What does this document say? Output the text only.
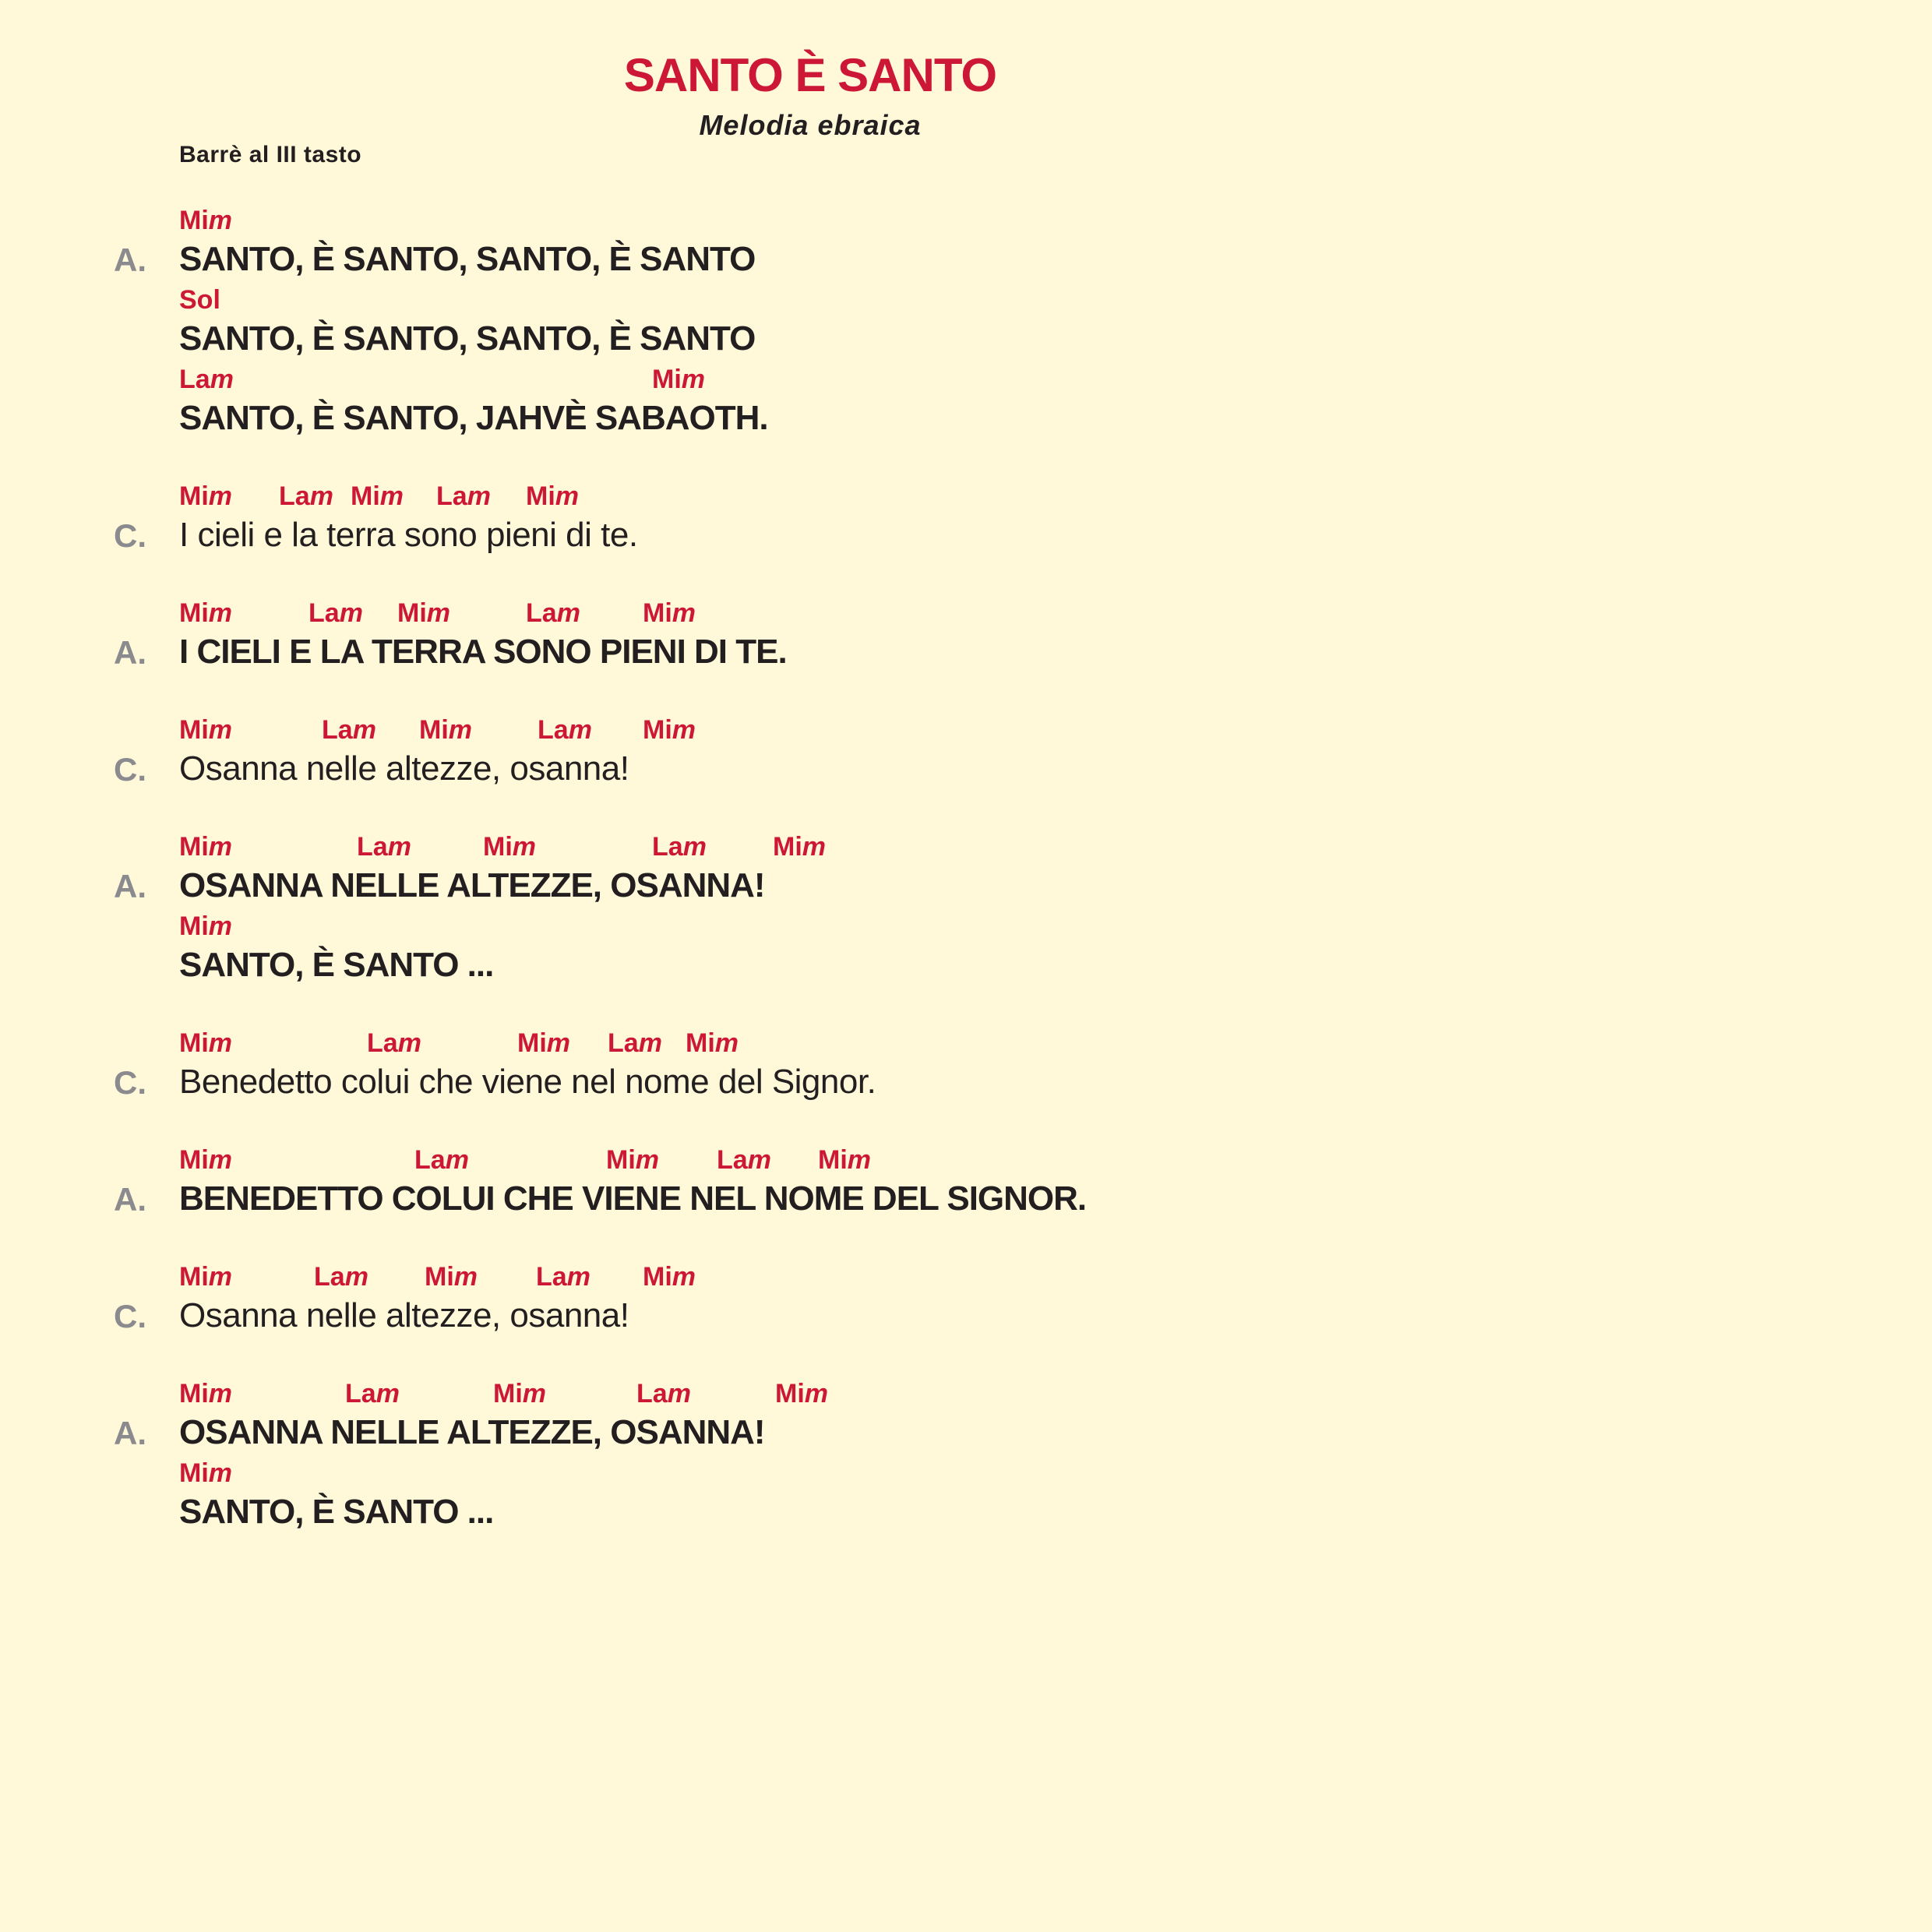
SANTO È SANTO
Melodia ebraica
Barrè al III tasto
Mim
A. SANTO, È SANTO, SANTO, È SANTO
Sol
SANTO, È SANTO, SANTO, È SANTO
Lam	Mim
SANTO, È SANTO, JAHVÈ SABAOTH.
Mim Lam Mim Lam Mim
C. I cieli e la terra sono pieni di te.
Mim	Lam Mim	Lam Mim
A. I CIELI E LA TERRA SONO PIENI DI TE.
Mim	Lam Mim Lam Mim
C. Osanna nelle altezze, osanna!
Mim	Lam	Mim	Lam	Mim
A. OSANNA NELLE ALTEZZE, OSANNA!
Mim
SANTO, È SANTO ...
Mim	Lam	Mim Lam Mim
C. Benedetto colui che viene nel nome del Signor.
Mim	Lam	Mim Lam Mim
A. BENEDETTO COLUI CHE VIENE NEL NOME DEL SIGNOR.
Mim	Lam Mim Lam Mim
C. Osanna nelle altezze, osanna!
Mim	Lam	Mim	Lam	Mim
A. OSANNA NELLE ALTEZZE, OSANNA!
Mim
SANTO, È SANTO ...
